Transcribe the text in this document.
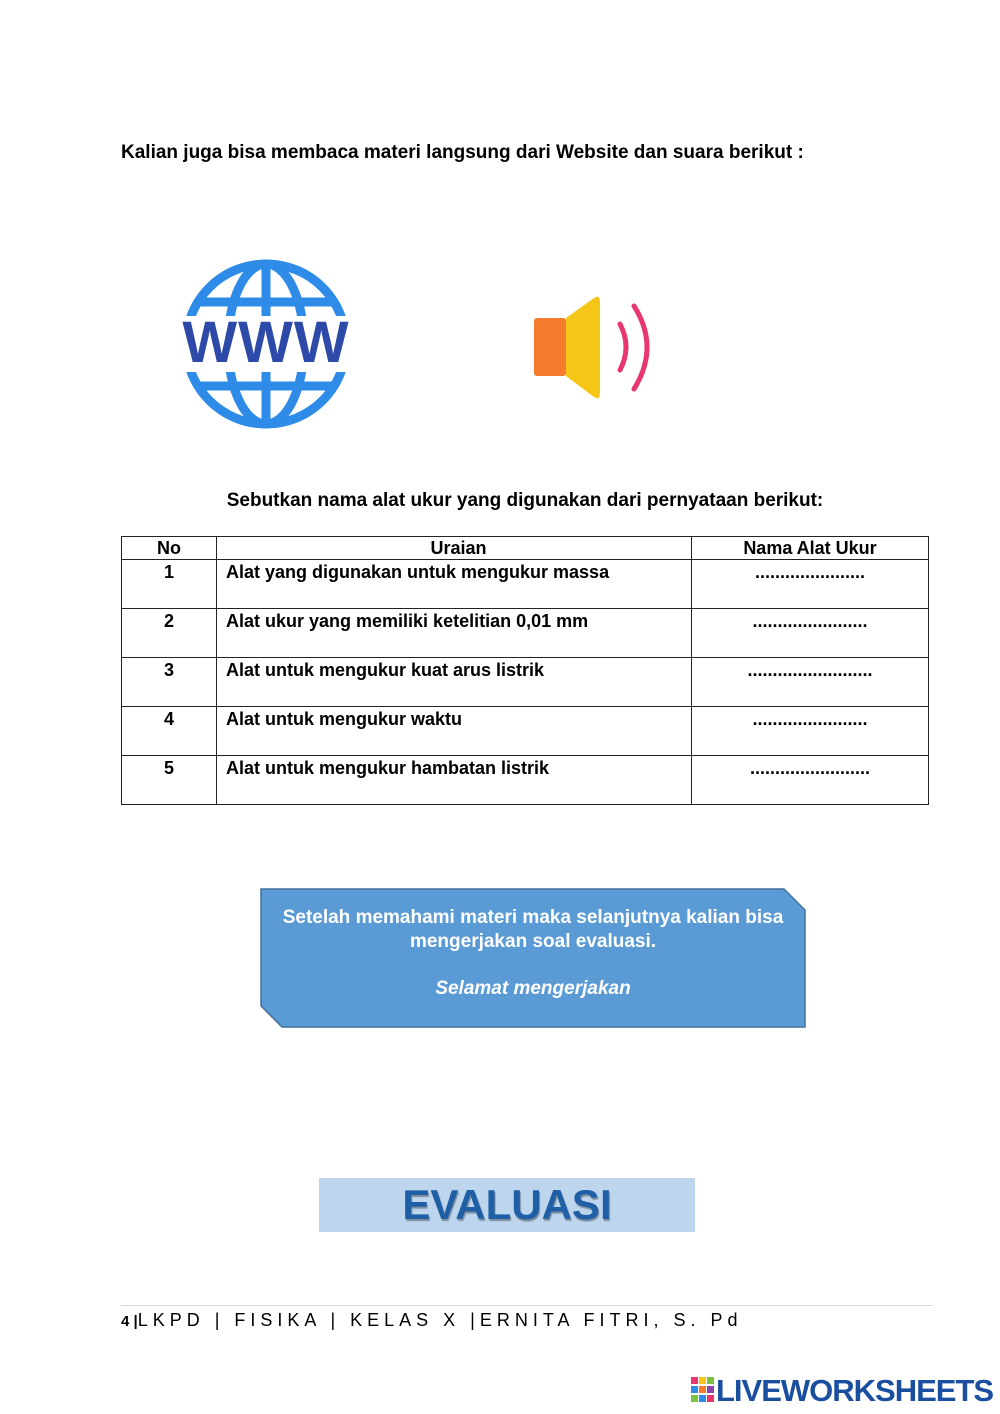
Kalian juga bisa membaca materi langsung dari Website dan suara berikut :
WWW
Sebutkan nama alat ukur yang digunakan dari pernyataan berikut:
No	Uraian	Nama Alat Ukur
1	Alat yang digunakan untuk mengukur massa	......................
2	Alat ukur yang memiliki ketelitian 0,01 mm	.......................
3	Alat untuk mengukur kuat arus listrik	.........................
4	Alat untuk mengukur waktu	.......................
5	Alat untuk mengukur hambatan listrik	........................
Setelah memahami materi maka selanjutnya kalian bisa mengerjakan soal evaluasi.
Selamat mengerjakan
EVALUASI
4 |LKPD | FISIKA | KELAS X |ERNITA FITRI, S. Pd
LIVEWORKSHEETS
